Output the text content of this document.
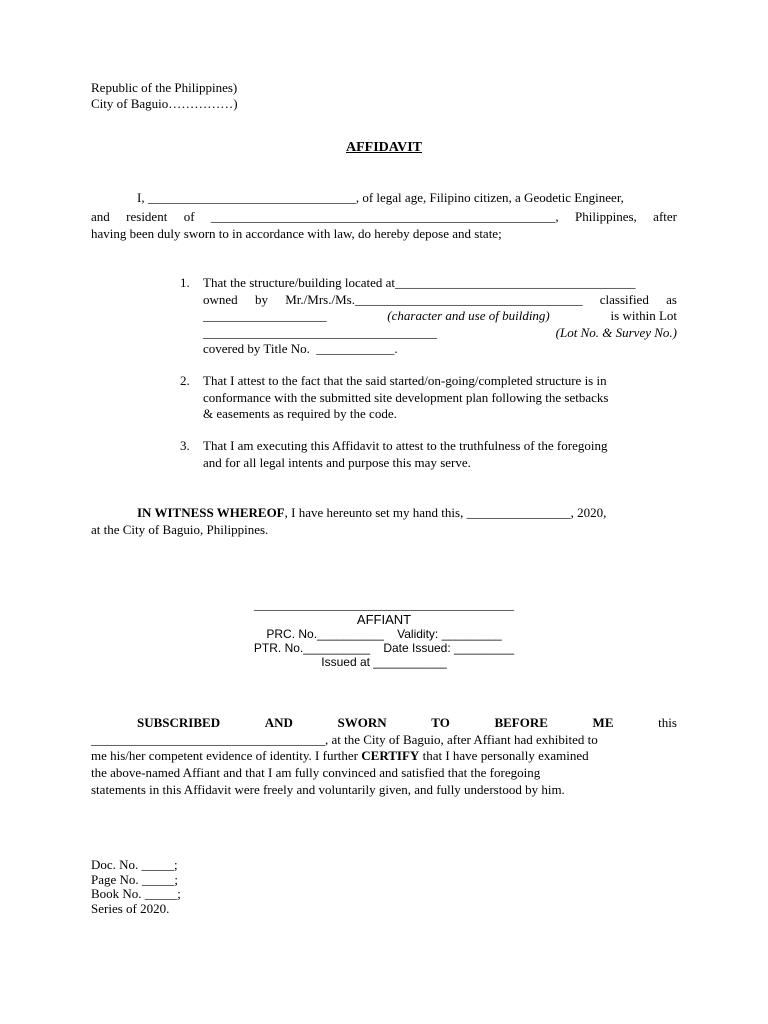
Republic of the Philippines)
City of Baguio……………)
AFFIDAVIT
I, ________________________________, of legal age, Filipino citizen, a Geodetic Engineer,
and resident of _____________________________________________________, Philippines, after
having been duly sworn to in accordance with law, do hereby depose and state;
1. That the structure/building located at_____________________________________
owned by Mr./Mrs./Ms.___________________________________ classified as
___________________	(character and use of building)	is within Lot
____________________________________	(Lot No. & Survey No.)
covered by Title No.  ____________.
2. That I attest to the fact that the said started/on-going/completed structure is in
conformance with the submitted site development plan following the setbacks
& easements as required by the code.
3. That I am executing this Affidavit to attest to the truthfulness of the foregoing
and for all legal intents and purpose this may serve.
IN WITNESS WHEREOF, I have hereunto set my hand this, ________________, 2020,
at the City of Baguio, Philippines.
________________________________________
AFFIANT
PRC. No.__________    Validity: _________
PTR. No.__________    Date Issued: _________
Issued at ___________
SUBSCRIBED	AND	SWORN	TO	BEFORE	ME	this
____________________________________, at the City of Baguio, after Affiant had exhibited to
me his/her competent evidence of identity. I further CERTIFY that I have personally examined
the above-named Affiant and that I am fully convinced and satisfied that the foregoing
statements in this Affidavit were freely and voluntarily given, and fully understood by him.
Doc. No. _____;
Page No. _____;
Book No. _____;
Series of 2020.
